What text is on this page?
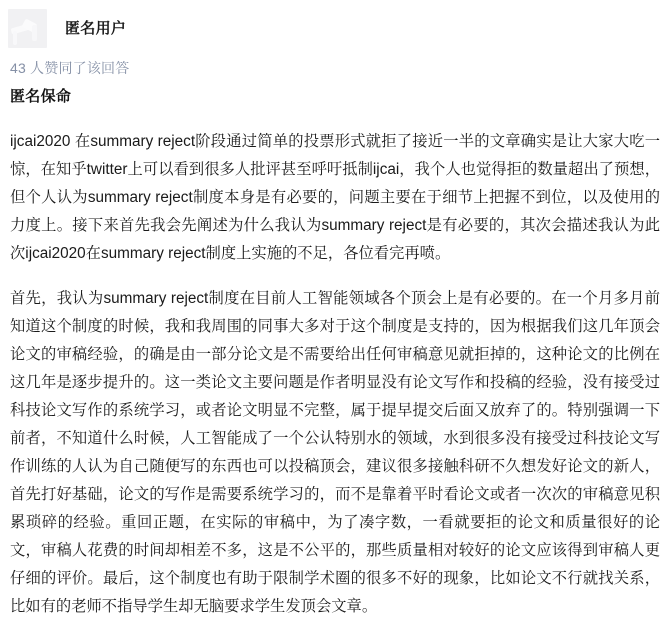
匿名用户
43 人赞同了该回答
匿名保命

ijcai2020 在summary reject阶段通过简单的投票形式就拒了接近一半的文章确实是让大家大吃一惊，在知乎twitter上可以看到很多人批评甚至呼吁抵制ijcai，我个人也觉得拒的数量超出了预想，但个人认为summary reject制度本身是有必要的，问题主要在于细节上把握不到位，以及使用的力度上。接下来首先我会先阐述为什么我认为summary reject是有必要的，其次会描述我认为此次ijcai2020在summary reject制度上实施的不足，各位看完再喷。

首先，我认为summary reject制度在目前人工智能领域各个顶会上是有必要的。在一个月多月前知道这个制度的时候，我和我周围的同事大多对于这个制度是支持的，因为根据我们这几年顶会论文的审稿经验，的确是由一部分论文是不需要给出任何审稿意见就拒掉的，这种论文的比例在这几年是逐步提升的。这一类论文主要问题是作者明显没有论文写作和投稿的经验，没有接受过科技论文写作的系统学习，或者论文明显不完整，属于提早提交后面又放弃了的。特别强调一下前者，不知道什么时候，人工智能成了一个公认特别水的领域，水到很多没有接受过科技论文写作训练的人认为自己随便写的东西也可以投稿顶会，建议很多接触科研不久想发好论文的新人，首先打好基础，论文的写作是需要系统学习的，而不是靠着平时看论文或者一次次的审稿意见积累琐碎的经验。重回正题，在实际的审稿中，为了凑字数，一看就要拒的论文和质量很好的论文，审稿人花费的时间却相差不多，这是不公平的，那些质量相对较好的论文应该得到审稿人更仔细的评价。最后，这个制度也有助于限制学术圈的很多不好的现象，比如论文不行就找关系，比如有的老师不指导学生却无脑要求学生发顶会文章。
